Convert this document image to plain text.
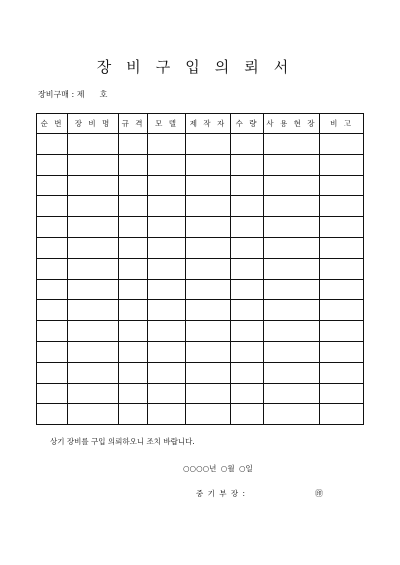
장비구입의뢰서
장비구매 : 제      호
순 번	장 비 명	규 격	모 델	제 작 자	수 량	사 용 현 장	비 고

상기 장비를 구입 의뢰하오니 조치 바랍니다.
○○○○년 ○월 ○일
중 기 부 장 :	㊞
